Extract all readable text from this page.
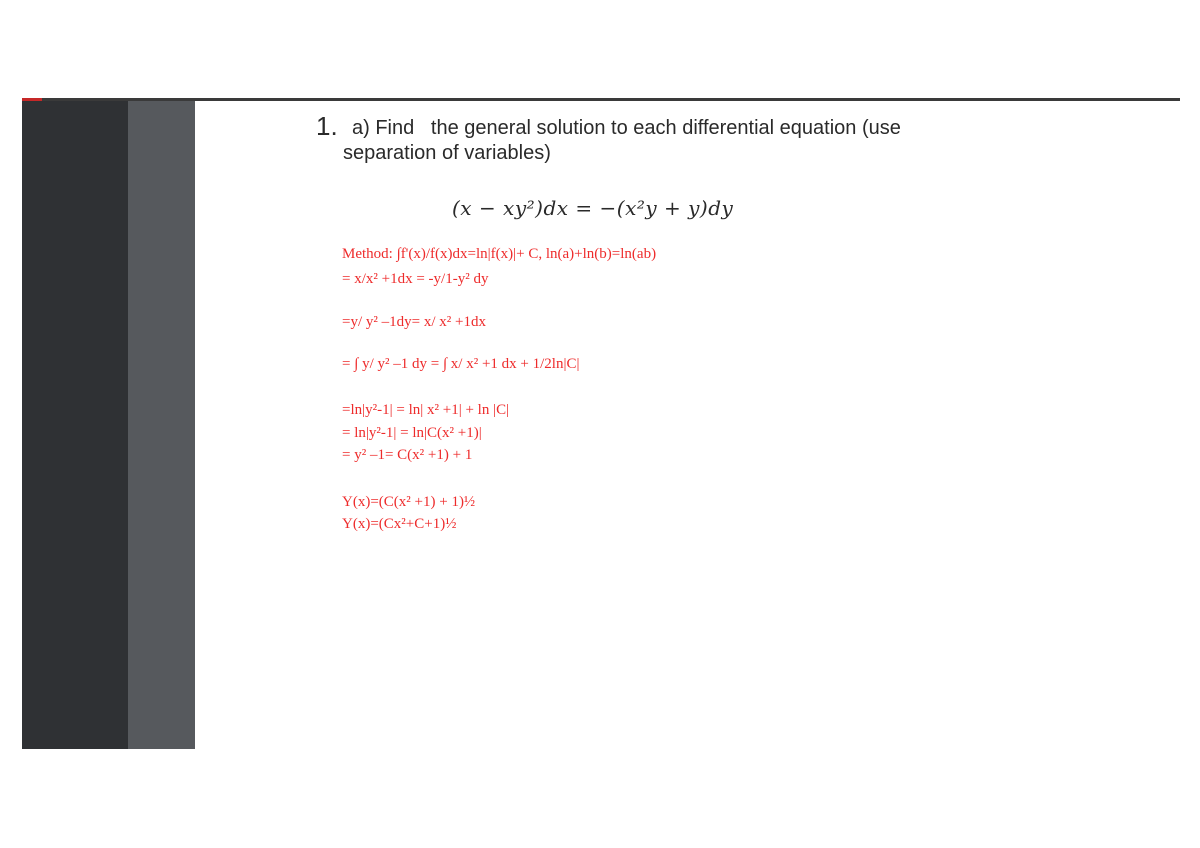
1. a) Find   the general solution to each differential equation (use
separation of variables)
(x − xy²)dx = −(x²y + y)dy
Method: ∫f'(x)/f(x)dx=ln|f(x)|+ C, ln(a)+ln(b)=ln(ab)
= x/x² +1dx = -y/1-y² dy
=y/ y² –1dy= x/ x² +1dx
= ∫ y/ y² –1 dy = ∫ x/ x² +1 dx + 1/2ln|C|
=ln|y²-1| = ln| x² +1| + ln |C|
= ln|y²-1| = ln|C(x² +1)|
= y² –1= C(x² +1) + 1
Y(x)=(C(x² +1) + 1)½
Y(x)=(Cx²+C+1)½
